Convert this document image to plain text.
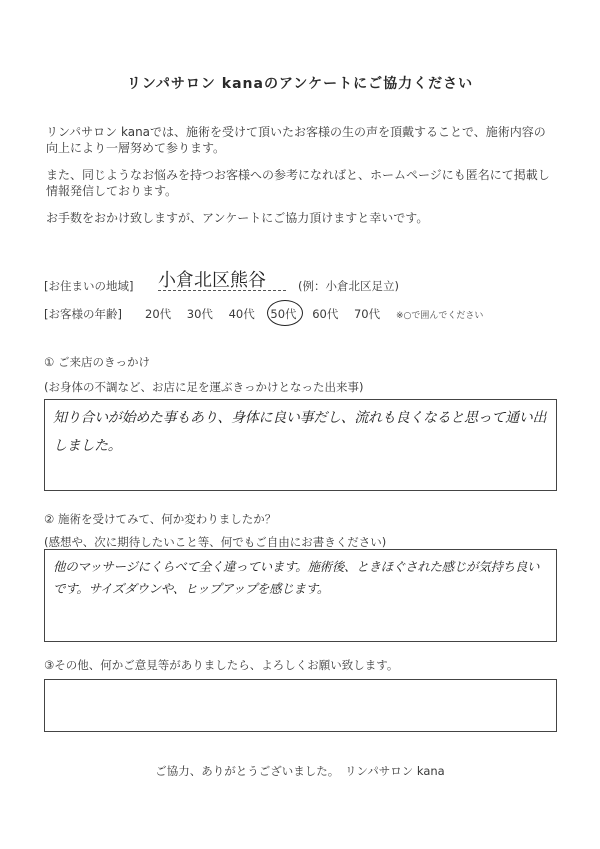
リンパサロン kanaのアンケートにご協力ください

リンパサロン kanaでは、施術を受けて頂いたお客様の生の声を頂戴することで、施術内容の向上により一層努めて参ります。

また、同じようなお悩みを持つお客様への参考になればと、ホームページにも匿名にて掲載し情報発信しております。

お手数をおかけ致しますが、アンケートにご協力頂けますと幸いです。

[お住まいの地域] 小倉北区熊谷	(例：小倉北区足立)
[お客様の年齢] 20代 30代 40代 50代 60代 70代	※○で囲んでください
① ご来店のきっかけ
(お身体の不調など、お店に足を運ぶきっかけとなった出来事)
知り合いが始めた事もあり、身体に良い事だし、流れも良くなると思って通い出しました。
② 施術を受けてみて、何か変わりましたか？
(感想や、次に期待したいこと等、何でもご自由にお書きください)
他のマッサージにくらべて全く違っています。施術後、ときほぐされた感じが気持ち良いです。サイズダウンや、ヒップアップを感じます。
③その他、何かご意見等がありましたら、よろしくお願い致します。
ご協力、ありがとうございました。　リンパサロン kana
